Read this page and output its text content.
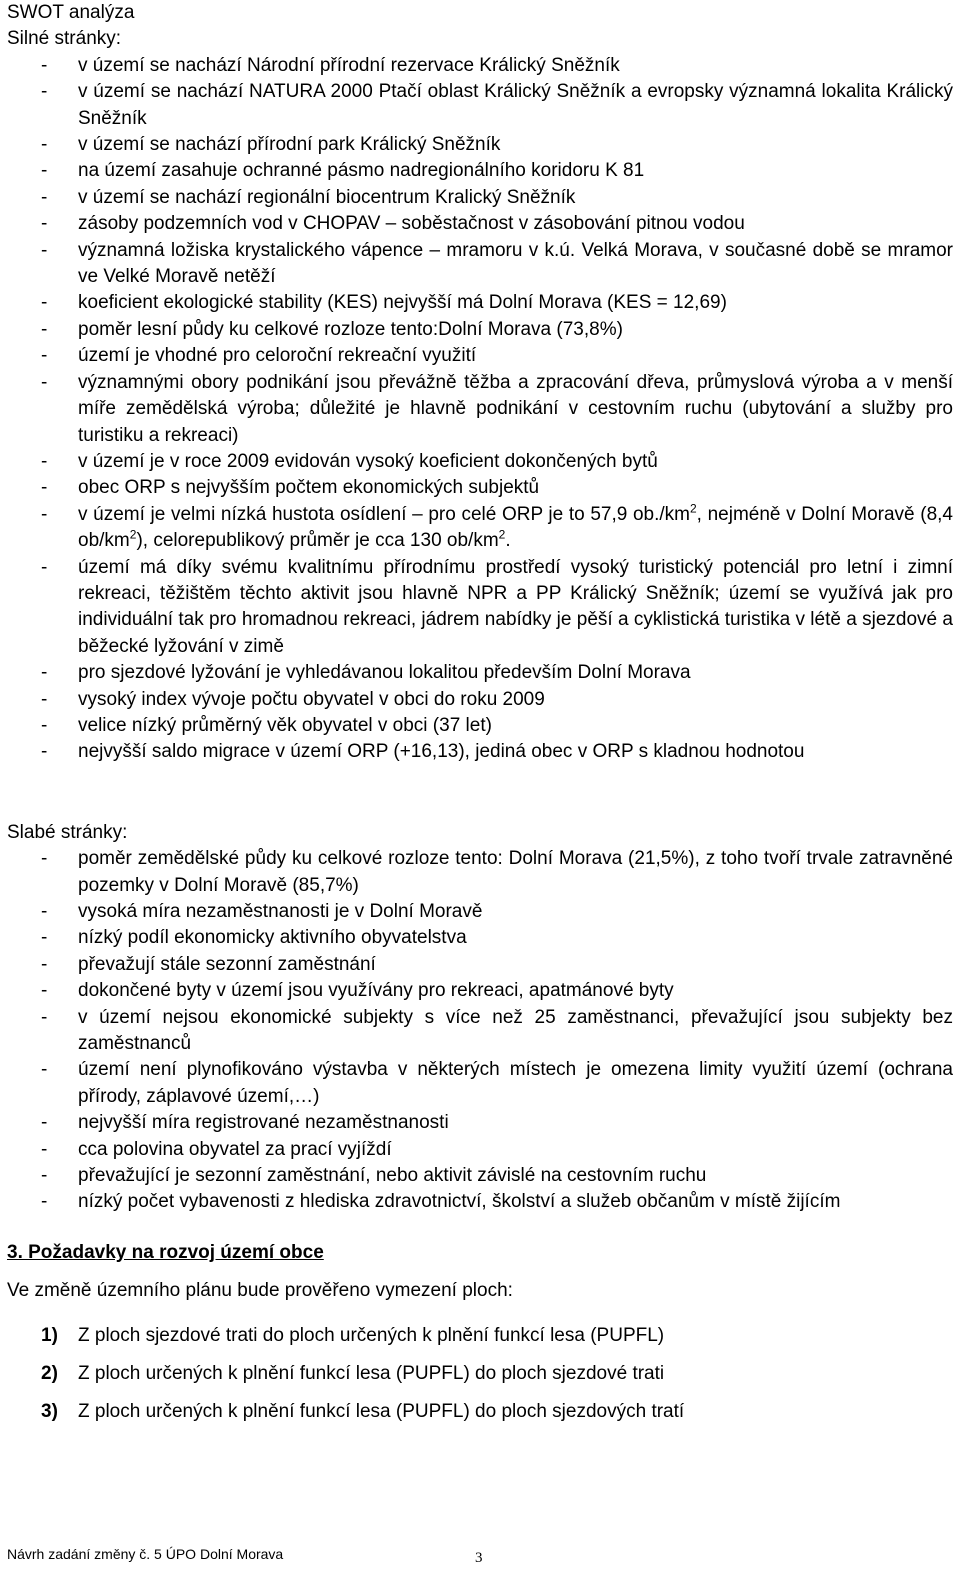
SWOT analýza
Silné stránky:
- v území se nachází Národní přírodní rezervace Králický Sněžník
- v území se nachází NATURA 2000 Ptačí oblast Králický Sněžník a evropsky významná lokalita Králický Sněžník
- v území se nachází přírodní park Králický Sněžník
- na území zasahuje ochranné pásmo nadregionálního koridoru K 81
- v území se nachází regionální biocentrum Kralický Sněžník
- zásoby podzemních vod v CHOPAV – soběstačnost v zásobování pitnou vodou
- významná ložiska krystalického vápence – mramoru v k.ú. Velká Morava, v současné době se mramor ve Velké Moravě netěží
- koeficient ekologické stability (KES) nejvyšší má Dolní Morava (KES = 12,69)
- poměr lesní půdy ku celkové rozloze tento:Dolní Morava (73,8%)
- území je vhodné pro celoroční rekreační využití
- významnými obory podnikání jsou převážně těžba a zpracování dřeva, průmyslová výroba a v menší míře zemědělská výroba; důležité je hlavně podnikání v cestovním ruchu (ubytování a služby pro turistiku a rekreaci)
- v území je v roce 2009 evidován vysoký koeficient dokončených bytů
- obec ORP s nejvyšším počtem ekonomických subjektů
- v území je velmi nízká hustota osídlení – pro celé ORP je to 57,9 $ob./km^2$, nejméně v Dolní Moravě (8,4 $ob/km^2$), celorepublikový průměr je cca 130 $ob/km^2$.
- území má díky svému kvalitnímu přírodnímu prostředí vysoký turistický potenciál pro letní i zimní rekreaci, těžištěm těchto aktivit jsou hlavně NPR a PP Králický Sněžník; území se využívá jak pro individuální tak pro hromadnou rekreaci, jádrem nabídky je pěší a cyklistická turistika v létě a sjezdové a běžecké lyžování v zimě
- pro sjezdové lyžování je vyhledávanou lokalitou především Dolní Morava
- vysoký index vývoje počtu obyvatel v obci do roku 2009
- velice nízký průměrný věk obyvatel v obci (37 let)
- nejvyšší saldo migrace v území ORP (+16,13), jediná obec v ORP s kladnou hodnotou
Slabé stránky:
- poměr zemědělské půdy ku celkové rozloze tento: Dolní Morava (21,5%), z toho tvoří trvale zatravněné pozemky v Dolní Moravě (85,7%)
- vysoká míra nezaměstnanosti je v Dolní Moravě
- nízký podíl ekonomicky aktivního obyvatelstva
- převažují stále sezonní zaměstnání
- dokončené byty v území jsou využívány pro rekreaci, apatmánové byty
- v území nejsou ekonomické subjekty s více než 25 zaměstnanci, převažující jsou subjekty bez zaměstnanců
- území není plynofikováno výstavba v některých místech je omezena limity využití území (ochrana přírody, záplavové území,…)
- nejvyšší míra registrované nezaměstnanosti
- cca polovina obyvatel za prací vyjíždí
- převažující je sezonní zaměstnání, nebo aktivit závislé na cestovním ruchu
- nízký počet vybavenosti z hlediska zdravotnictví, školství a služeb občanům v místě žijícím
3. Požadavky na rozvoj území obce
Ve změně územního plánu bude prověřeno vymezení ploch:
1) Z ploch sjezdové trati do ploch určených k plnění funkcí lesa (PUPFL)
2) Z ploch určených k plnění funkcí lesa (PUPFL) do ploch sjezdové trati
3) Z ploch určených k plnění funkcí lesa (PUPFL) do ploch sjezdových tratí
Návrh zadání změny č. 5 ÚPO Dolní Morava	3
